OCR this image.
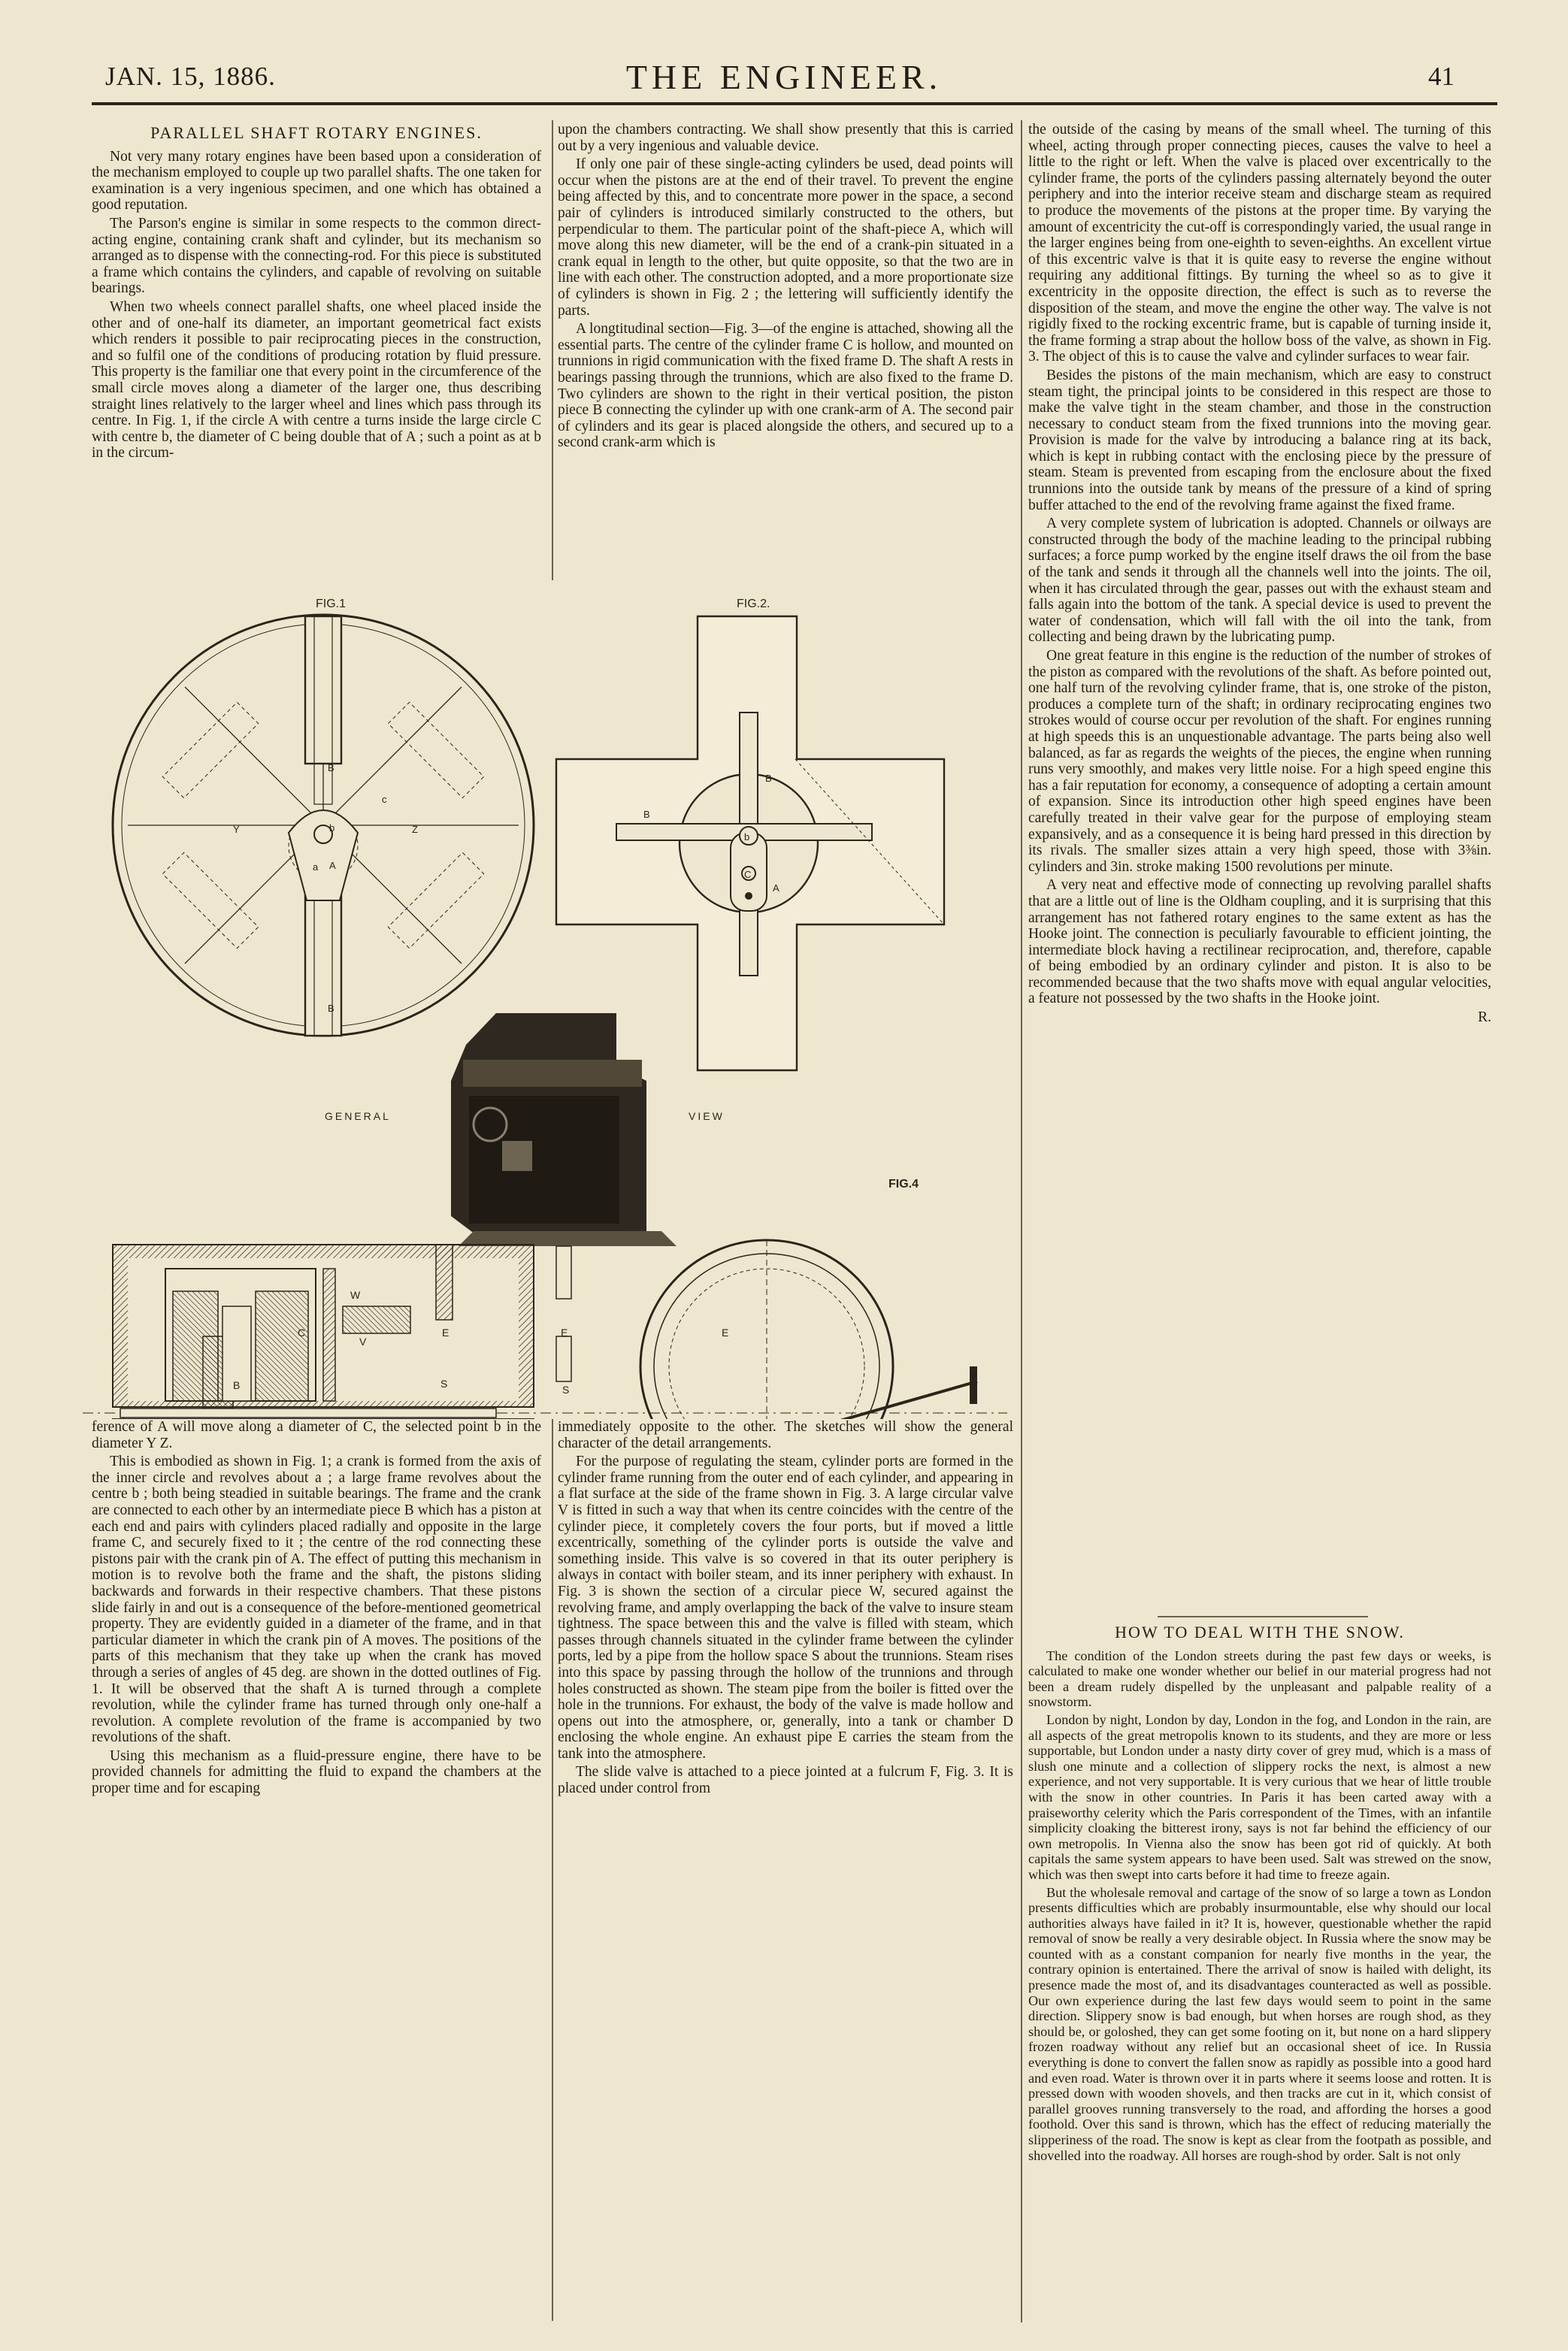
JAN. 15, 1886.	THE ENGINEER.	41
PARALLEL SHAFT ROTARY ENGINES.

Not very many rotary engines have been based upon a consideration of the mechanism employed to couple up two parallel shafts. The one taken for examination is a very ingenious specimen, and one which has obtained a good reputation.

The Parson's engine is similar in some respects to the common direct-acting engine, containing crank shaft and cylinder, but its mechanism so arranged as to dispense with the connecting-rod. For this piece is substituted a frame which contains the cylinders, and capable of revolving on suitable bearings.

When two wheels connect parallel shafts, one wheel placed inside the other and of one-half its diameter, an important geometrical fact exists which renders it possible to pair reciprocating pieces in the construction, and so fulfil one of the conditions of producing rotation by fluid pressure. This property is the familiar one that every point in the circumference of the small circle moves along a diameter of the larger one, thus describing straight lines relatively to the larger wheel and lines which pass through its centre. In Fig. 1, if the circle A with centre a turns inside the large circle C with centre b, the diameter of C being double that of A ; such a point as at b in the circum-

upon the chambers contracting. We shall show presently that this is carried out by a very ingenious and valuable device.

If only one pair of these single-acting cylinders be used, dead points will occur when the pistons are at the end of their travel. To prevent the engine being affected by this, and to concentrate more power in the space, a second pair of cylinders is introduced similarly constructed to the others, but perpendicular to them. The particular point of the shaft-piece A, which will move along this new diameter, will be the end of a crank-pin situated in a crank equal in length to the other, but quite opposite, so that the two are in line with each other. The construction adopted, and a more proportionate size of cylinders is shown in Fig. 2 ; the lettering will sufficiently identify the parts.

A longtitudinal section—Fig. 3—of the engine is attached, showing all the essential parts. The centre of the cylinder frame C is hollow, and mounted on trunnions in rigid communication with the fixed frame D. The shaft A rests in bearings passing through the trunnions, which are also fixed to the frame D. Two cylinders are shown to the right in their vertical position, the piston piece B connecting the cylinder up with one crank-arm of A. The second pair of cylinders and its gear is placed alongside the others, and secured up to a second crank-arm which is

FIG.1
B
B
c
Y	Z
b
A
a
FIG.2.
B
B
b
C
A
GENERAL	VIEW
FIG.4
W
C	E	E
S
S
B
V
E

ference of A will move along a diameter of C, the selected point b in the diameter Y Z.

This is embodied as shown in Fig. 1; a crank is formed from the axis of the inner circle and revolves about a ; a large frame revolves about the centre b ; both being steadied in suitable bearings. The frame and the crank are connected to each other by an intermediate piece B which has a piston at each end and pairs with cylinders placed radially and opposite in the large frame C, and securely fixed to it ; the centre of the rod connecting these pistons pair with the crank pin of A. The effect of putting this mechanism in motion is to revolve both the frame and the shaft, the pistons sliding backwards and forwards in their respective chambers. That these pistons slide fairly in and out is a consequence of the before-mentioned geometrical property. They are evidently guided in a diameter of the frame, and in that particular diameter in which the crank pin of A moves. The positions of the parts of this mechanism that they take up when the crank has moved through a series of angles of 45 deg. are shown in the dotted outlines of Fig. 1. It will be observed that the shaft A is turned through a complete revolution, while the cylinder frame has turned through only one-half a revolution. A complete revolution of the frame is accompanied by two revolutions of the shaft.

Using this mechanism as a fluid-pressure engine, there have to be provided channels for admitting the fluid to expand the chambers at the proper time and for escaping

immediately opposite to the other. The sketches will show the general character of the detail arrangements.

For the purpose of regulating the steam, cylinder ports are formed in the cylinder frame running from the outer end of each cylinder, and appearing in a flat surface at the side of the frame shown in Fig. 3. A large circular valve V is fitted in such a way that when its centre coincides with the centre of the cylinder piece, it completely covers the four ports, but if moved a little excentrically, something of the cylinder ports is outside the valve and something inside. This valve is so covered in that its outer periphery is always in contact with boiler steam, and its inner periphery with exhaust. In Fig. 3 is shown the section of a circular piece W, secured against the revolving frame, and amply overlapping the back of the valve to insure steam tightness. The space between this and the valve is filled with steam, which passes through channels situated in the cylinder frame between the cylinder ports, led by a pipe from the hollow space S about the trunnions. Steam rises into this space by passing through the hollow of the trunnions and through holes constructed as shown. The steam pipe from the boiler is fitted over the hole in the trunnions. For exhaust, the body of the valve is made hollow and opens out into the atmosphere, or, generally, into a tank or chamber D enclosing the whole engine. An exhaust pipe E carries the steam from the tank into the atmosphere.

The slide valve is attached to a piece jointed at a fulcrum F, Fig. 3. It is placed under control from

the outside of the casing by means of the small wheel. The turning of this wheel, acting through proper connecting pieces, causes the valve to heel a little to the right or left. When the valve is placed over excentrically to the cylinder frame, the ports of the cylinders passing alternately beyond the outer periphery and into the interior receive steam and discharge steam as required to produce the movements of the pistons at the proper time. By varying the amount of excentricity the cut-off is correspondingly varied, the usual range in the larger engines being from one-eighth to seven-eighths. An excellent virtue of this excentric valve is that it is quite easy to reverse the engine without requiring any additional fittings. By turning the wheel so as to give it excentricity in the opposite direction, the effect is such as to reverse the disposition of the steam, and move the engine the other way. The valve is not rigidly fixed to the rocking excentric frame, but is capable of turning inside it, the frame forming a strap about the hollow boss of the valve, as shown in Fig. 3. The object of this is to cause the valve and cylinder surfaces to wear fair.

Besides the pistons of the main mechanism, which are easy to construct steam tight, the principal joints to be considered in this respect are those to make the valve tight in the steam chamber, and those in the construction necessary to conduct steam from the fixed trunnions into the moving gear. Provision is made for the valve by introducing a balance ring at its back, which is kept in rubbing contact with the enclosing piece by the pressure of steam. Steam is prevented from escaping from the enclosure about the fixed trunnions into the outside tank by means of the pressure of a kind of spring buffer attached to the end of the revolving frame against the fixed frame.

A very complete system of lubrication is adopted. Channels or oilways are constructed through the body of the machine leading to the principal rubbing surfaces; a force pump worked by the engine itself draws the oil from the base of the tank and sends it through all the channels well into the joints. The oil, when it has circulated through the gear, passes out with the exhaust steam and falls again into the bottom of the tank. A special device is used to prevent the water of condensation, which will fall with the oil into the tank, from collecting and being drawn by the lubricating pump.

One great feature in this engine is the reduction of the number of strokes of the piston as compared with the revolutions of the shaft. As before pointed out, one half turn of the revolving cylinder frame, that is, one stroke of the piston, produces a complete turn of the shaft; in ordinary reciprocating engines two strokes would of course occur per revolution of the shaft. For engines running at high speeds this is an unquestionable advantage. The parts being also well balanced, as far as regards the weights of the pieces, the engine when running runs very smoothly, and makes very little noise. For a high speed engine this has a fair reputation for economy, a consequence of adopting a certain amount of expansion. Since its introduction other high speed engines have been carefully treated in their valve gear for the purpose of employing steam expansively, and as a consequence it is being hard pressed in this direction by its rivals. The smaller sizes attain a very high speed, those with 3⅜in. cylinders and 3in. stroke making 1500 revolutions per minute.

A very neat and effective mode of connecting up revolving parallel shafts that are a little out of line is the Oldham coupling, and it is surprising that this arrangement has not fathered rotary engines to the same extent as has the Hooke joint. The connection is peculiarly favourable to efficient jointing, the intermediate block having a rectilinear reciprocation, and, therefore, capable of being embodied by an ordinary cylinder and piston. It is also to be recommended because that the two shafts move with equal angular velocities, a feature not possessed by the two shafts in the Hooke joint.

R.
HOW TO DEAL WITH THE SNOW.

The condition of the London streets during the past few days or weeks, is calculated to make one wonder whether our belief in our material progress had not been a dream rudely dispelled by the unpleasant and palpable reality of a snowstorm.

London by night, London by day, London in the fog, and London in the rain, are all aspects of the great metropolis known to its students, and they are more or less supportable, but London under a nasty dirty cover of grey mud, which is a mass of slush one minute and a collection of slippery rocks the next, is almost a new experience, and not very supportable. It is very curious that we hear of little trouble with the snow in other countries. In Paris it has been carted away with a praiseworthy celerity which the Paris correspondent of the Times, with an infantile simplicity cloaking the bitterest irony, says is not far behind the efficiency of our own metropolis. In Vienna also the snow has been got rid of quickly. At both capitals the same system appears to have been used. Salt was strewed on the snow, which was then swept into carts before it had time to freeze again.

But the wholesale removal and cartage of the snow of so large a town as London presents difficulties which are probably insurmountable, else why should our local authorities always have failed in it? It is, however, questionable whether the rapid removal of snow be really a very desirable object. In Russia where the snow may be counted with as a constant companion for nearly five months in the year, the contrary opinion is entertained. There the arrival of snow is hailed with delight, its presence made the most of, and its disadvantages counteracted as well as possible. Our own experience during the last few days would seem to point in the same direction. Slippery snow is bad enough, but when horses are rough shod, as they should be, or goloshed, they can get some footing on it, but none on a hard slippery frozen roadway without any relief but an occasional sheet of ice. In Russia everything is done to convert the fallen snow as rapidly as possible into a good hard and even road. Water is thrown over it in parts where it seems loose and rotten. It is pressed down with wooden shovels, and then tracks are cut in it, which consist of parallel grooves running transversely to the road, and affording the horses a good foothold. Over this sand is thrown, which has the effect of reducing materially the slipperiness of the road. The snow is kept as clear from the footpath as possible, and shovelled into the roadway. All horses are rough-shod by order. Salt is not only
